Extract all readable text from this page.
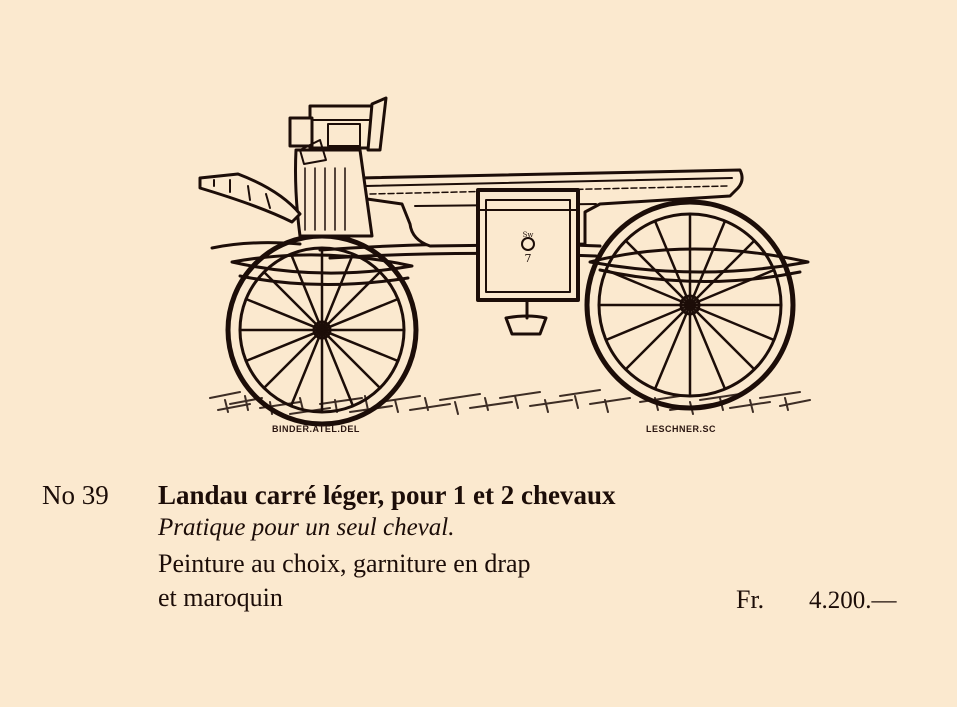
Sw
7
BINDER.ATEL.DEL	LESCHNER.SC
No 39 Landau carré léger, pour 1 et 2 chevaux
Pratique pour un seul cheval.
Peinture au choix, garniture en drap
et maroquin	Fr. 4.200.—
